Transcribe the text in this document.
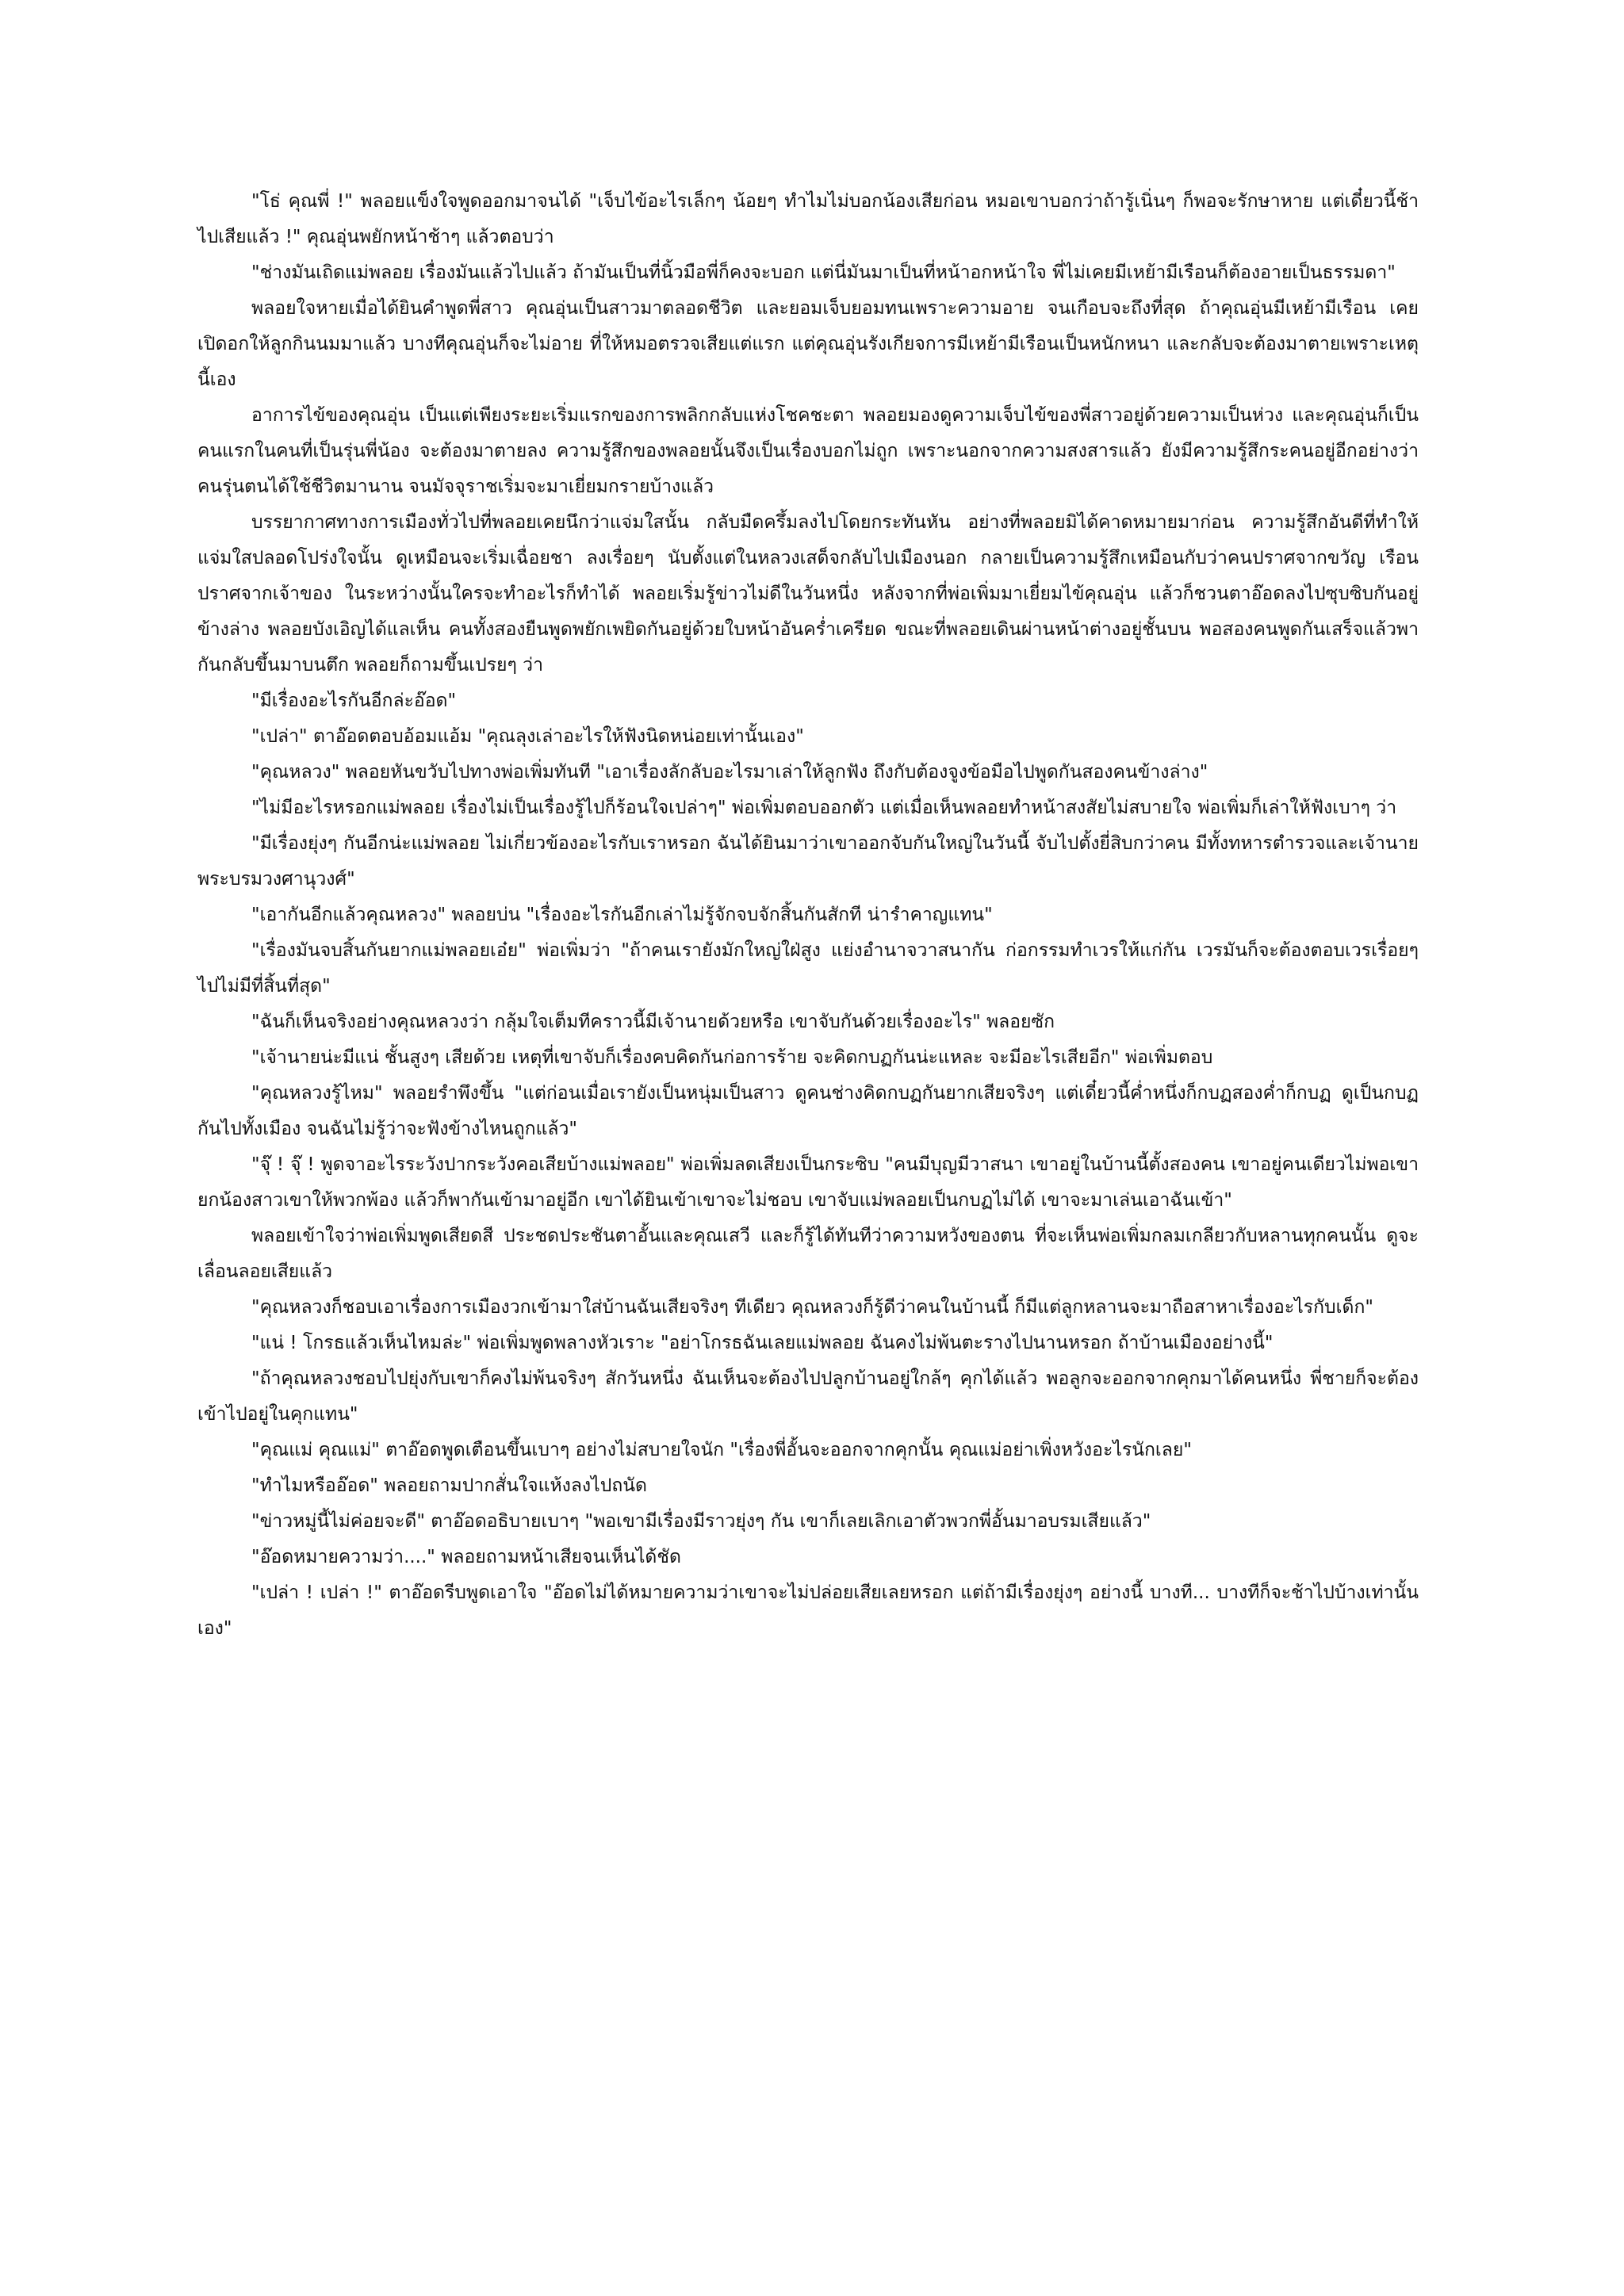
"โธ่ คุณพี่ !" พลอยแข็งใจพูดออกมาจนได้ "เจ็บไข้อะไรเล็กๆ น้อยๆ ทำไมไม่บอกน้องเสียก่อน หมอเขาบอกว่าถ้ารู้เนิ่นๆ ก็พอจะรักษาหาย แต่เดี๋ยวนี้ช้าไปเสียแล้ว !" คุณอุ่นพยักหน้าช้าๆ แล้วตอบว่า

"ช่างมันเถิดแม่พลอย เรื่องมันแล้วไปแล้ว ถ้ามันเป็นที่นิ้วมือพี่ก็คงจะบอก แต่นี่มันมาเป็นที่หน้าอกหน้าใจ พี่ไม่เคยมีเหย้ามีเรือนก็ต้องอายเป็นธรรมดา"

พลอยใจหายเมื่อได้ยินคำพูดพี่สาว คุณอุ่นเป็นสาวมาตลอดชีวิต และยอมเจ็บยอมทนเพราะความอาย จนเกือบจะถึงที่สุด ถ้าคุณอุ่นมีเหย้ามีเรือน เคยเปิดอกให้ลูกกินนมมาแล้ว บางทีคุณอุ่นก็จะไม่อาย ที่ให้หมอตรวจเสียแต่แรก แต่คุณอุ่นรังเกียจการมีเหย้ามีเรือนเป็นหนักหนา และกลับจะต้องมาตายเพราะเหตุนี้เอง

อาการไข้ของคุณอุ่น เป็นแต่เพียงระยะเริ่มแรกของการพลิกกลับแห่งโชคชะตา พลอยมองดูความเจ็บไข้ของพี่สาวอยู่ด้วยความเป็นห่วง และคุณอุ่นก็เป็นคนแรกในคนที่เป็นรุ่นพี่น้อง จะต้องมาตายลง ความรู้สึกของพลอยนั้นจึงเป็นเรื่องบอกไม่ถูก เพราะนอกจากความสงสารแล้ว ยังมีความรู้สึกระคนอยู่อีกอย่างว่าคนรุ่นตนได้ใช้ชีวิตมานาน จนมัจจุราชเริ่มจะมาเยี่ยมกรายบ้างแล้ว

บรรยากาศทางการเมืองทั่วไปที่พลอยเคยนึกว่าแจ่มใสนั้น กลับมืดครึ้มลงไปโดยกระทันหัน อย่างที่พลอยมิได้คาดหมายมาก่อน ความรู้สึกอันดีที่ทำให้แจ่มใสปลอดโปร่งใจนั้น ดูเหมือนจะเริ่มเฉื่อยชา ลงเรื่อยๆ นับตั้งแต่ในหลวงเสด็จกลับไปเมืองนอก กลายเป็นความรู้สึกเหมือนกับว่าคนปราศจากขวัญ เรือนปราศจากเจ้าของ ในระหว่างนั้นใครจะทำอะไรก็ทำได้ พลอยเริ่มรู้ข่าวไม่ดีในวันหนึ่ง หลังจากที่พ่อเพิ่มมาเยี่ยมไข้คุณอุ่น แล้วก็ชวนตาอ๊อดลงไปซุบซิบกันอยู่ข้างล่าง พลอยบังเอิญได้แลเห็น คนทั้งสองยืนพูดพยักเพยิดกันอยู่ด้วยใบหน้าอันคร่ำเครียด ขณะที่พลอยเดินผ่านหน้าต่างอยู่ชั้นบน พอสองคนพูดกันเสร็จแล้วพากันกลับขึ้นมาบนตึก พลอยก็ถามขึ้นเปรยๆ ว่า

"มีเรื่องอะไรกันอีกล่ะอ๊อด"

"เปล่า" ตาอ๊อดตอบอ้อมแอ้ม "คุณลุงเล่าอะไรให้ฟังนิดหน่อยเท่านั้นเอง"

"คุณหลวง" พลอยหันขวับไปทางพ่อเพิ่มทันที "เอาเรื่องลักลับอะไรมาเล่าให้ลูกฟัง ถึงกับต้องจูงข้อมือไปพูดกันสองคนข้างล่าง"

"ไม่มีอะไรหรอกแม่พลอย เรื่องไม่เป็นเรื่องรู้ไปก็ร้อนใจเปล่าๆ" พ่อเพิ่มตอบออกตัว แต่เมื่อเห็นพลอยทำหน้าสงสัยไม่สบายใจ พ่อเพิ่มก็เล่าให้ฟังเบาๆ ว่า

"มีเรื่องยุ่งๆ กันอีกน่ะแม่พลอย ไม่เกี่ยวข้องอะไรกับเราหรอก ฉันได้ยินมาว่าเขาออกจับกันใหญ่ในวันนี้ จับไปตั้งยี่สิบกว่าคน มีทั้งทหารตำรวจและเจ้านายพระบรมวงศานุวงศ์"

"เอากันอีกแล้วคุณหลวง" พลอยบ่น "เรื่องอะไรกันอีกเล่าไม่รู้จักจบจักสิ้นกันสักที น่ารำคาญแทน"

"เรื่องมันจบสิ้นกันยากแม่พลอยเอ๋ย" พ่อเพิ่มว่า "ถ้าคนเรายังมักใหญ่ใฝ่สูง แย่งอำนาจวาสนากัน ก่อกรรมทำเวรให้แก่กัน เวรมันก็จะต้องตอบเวรเรื่อยๆ ไปไม่มีที่สิ้นที่สุด"

"ฉันก็เห็นจริงอย่างคุณหลวงว่า กลุ้มใจเต็มทีคราวนี้มีเจ้านายด้วยหรือ เขาจับกันด้วยเรื่องอะไร" พลอยซัก

"เจ้านายน่ะมีแน่ ชั้นสูงๆ เสียด้วย เหตุที่เขาจับก็เรื่องคบคิดกันก่อการร้าย จะคิดกบฏกันน่ะแหละ จะมีอะไรเสียอีก" พ่อเพิ่มตอบ

"คุณหลวงรู้ไหม" พลอยรำพึงขึ้น "แต่ก่อนเมื่อเรายังเป็นหนุ่มเป็นสาว ดูคนช่างคิดกบฏกันยากเสียจริงๆ แต่เดี๋ยวนี้ค่ำหนึ่งก็กบฏสองค่ำก็กบฏ ดูเป็นกบฏกันไปทั้งเมือง จนฉันไม่รู้ว่าจะฟังข้างไหนถูกแล้ว"

"จุ๊ ! จุ๊ ! พูดจาอะไรระวังปากระวังคอเสียบ้างแม่พลอย" พ่อเพิ่มลดเสียงเป็นกระซิบ "คนมีบุญมีวาสนา เขาอยู่ในบ้านนี้ตั้งสองคน เขาอยู่คนเดียวไม่พอเขายกน้องสาวเขาให้พวกพ้อง แล้วก็พากันเข้ามาอยู่อีก เขาได้ยินเข้าเขาจะไม่ชอบ เขาจับแม่พลอยเป็นกบฏไม่ได้ เขาจะมาเล่นเอาฉันเข้า"

พลอยเข้าใจว่าพ่อเพิ่มพูดเสียดสี ประชดประชันตาอั้นและคุณเสวี และก็รู้ได้ทันทีว่าความหวังของตน ที่จะเห็นพ่อเพิ่มกลมเกลียวกับหลานทุกคนนั้น ดูจะเลื่อนลอยเสียแล้ว

"คุณหลวงก็ชอบเอาเรื่องการเมืองวกเข้ามาใส่บ้านฉันเสียจริงๆ ทีเดียว คุณหลวงก็รู้ดีว่าคนในบ้านนี้ ก็มีแต่ลูกหลานจะมาถือสาหาเรื่องอะไรกับเด็ก"

"แน่ ! โกรธแล้วเห็นไหมล่ะ" พ่อเพิ่มพูดพลางหัวเราะ "อย่าโกรธฉันเลยแม่พลอย ฉันคงไม่พ้นตะรางไปนานหรอก ถ้าบ้านเมืองอย่างนี้"

"ถ้าคุณหลวงชอบไปยุ่งกับเขาก็คงไม่พ้นจริงๆ สักวันหนึ่ง ฉันเห็นจะต้องไปปลูกบ้านอยู่ใกล้ๆ คุกได้แล้ว พอลูกจะออกจากคุกมาได้คนหนึ่ง พี่ชายก็จะต้องเข้าไปอยู่ในคุกแทน"

"คุณแม่ คุณแม่" ตาอ๊อดพูดเตือนขึ้นเบาๆ อย่างไม่สบายใจนัก "เรื่องพี่อั้นจะออกจากคุกนั้น คุณแม่อย่าเพิ่งหวังอะไรนักเลย"

"ทำไมหรืออ๊อด" พลอยถามปากสั่นใจแห้งลงไปถนัด

"ข่าวหมู่นี้ไม่ค่อยจะดี" ตาอ๊อดอธิบายเบาๆ "พอเขามีเรื่องมีราวยุ่งๆ กัน เขาก็เลยเลิกเอาตัวพวกพี่อั้นมาอบรมเสียแล้ว"

"อ๊อดหมายความว่า...." พลอยถามหน้าเสียจนเห็นได้ชัด

"เปล่า ! เปล่า !" ตาอ๊อดรีบพูดเอาใจ "อ๊อดไม่ได้หมายความว่าเขาจะไม่ปล่อยเสียเลยหรอก แต่ถ้ามีเรื่องยุ่งๆ อย่างนี้ บางที... บางทีก็จะช้าไปบ้างเท่านั้นเอง"
